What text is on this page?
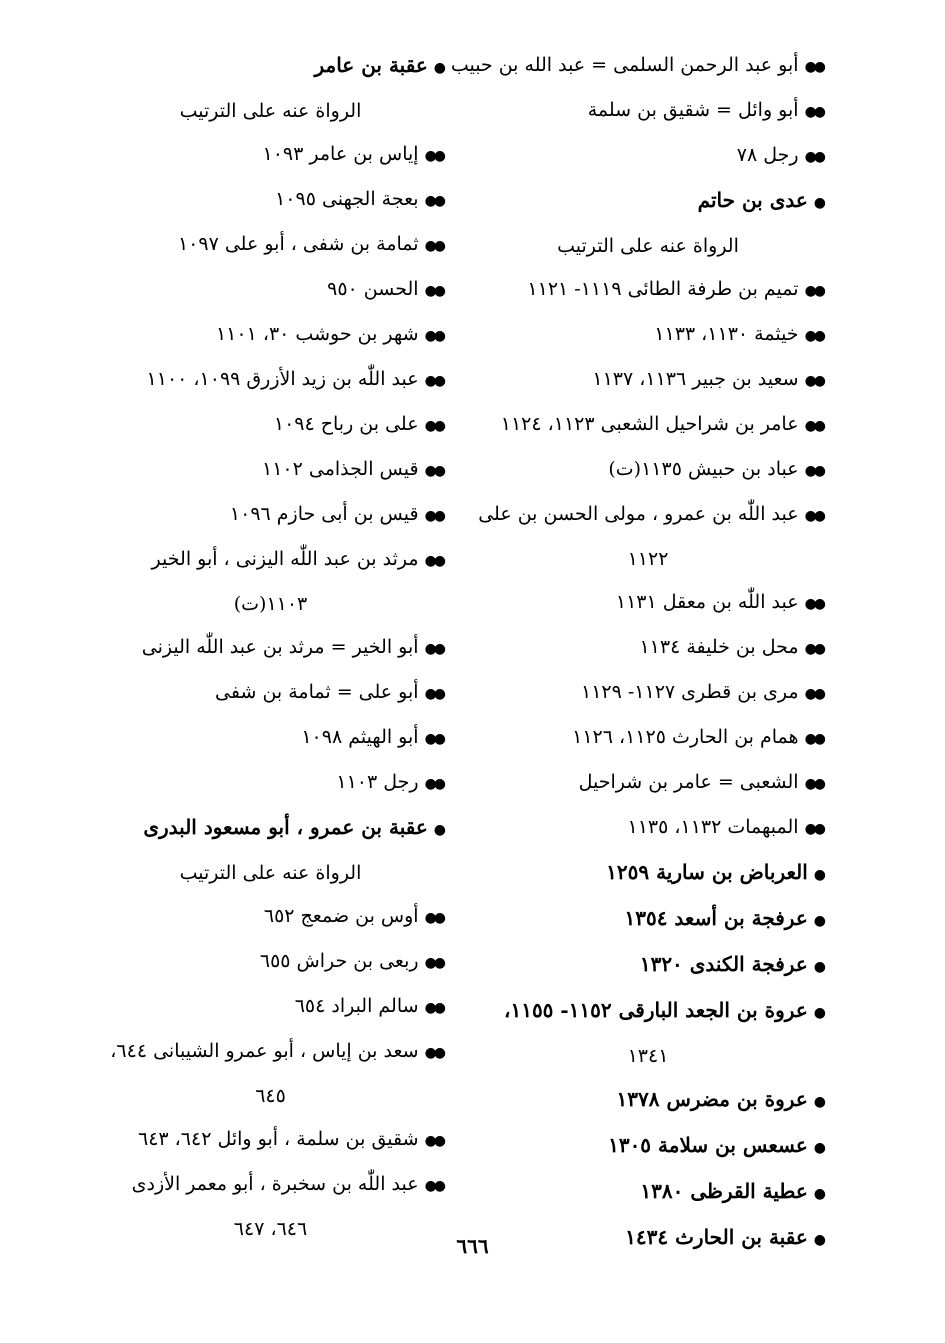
●●أبو عبد الرحمن السلمى = عبد الله بن حبيب
●●أبو وائل = شقيق بن سلمة
●●رجل ٧٨
●عدى بن حاتم
الرواة عنه على الترتيب
●●تميم بن طرفة الطائى ١١١٩- ١١٢١
●●خيثمة ١١٣٠، ١١٣٣
●●سعيد بن جبير ١١٣٦، ١١٣٧
●●عامر بن شراحيل الشعبى ١١٢٣، ١١٢٤
●●عباد بن حبيش ١١٣٥(ت)
●●عبد اللّٰه بن عمرو ، مولى الحسن بن على
١١٢٢
●●عبد اللّٰه بن معقل ١١٣١
●●محل بن خليفة ١١٣٤
●●مرى بن قطرى ١١٢٧- ١١٢٩
●●همام بن الحارث ١١٢٥، ١١٢٦
●●الشعبى = عامر بن شراحيل
●●المبهمات ١١٣٢، ١١٣٥
●العرباض بن سارية ١٢٥٩
●عرفجة بن أسعد ١٣٥٤
●عرفجة الكندى ١٣٢٠
●عروة بن الجعد البارقى ١١٥٢- ١١٥٥،
١٣٤١
●عروة بن مضرس ١٣٧٨
●عسعس بن سلامة ١٣٠٥
●عطية القرظى ١٣٨٠
●عقبة بن الحارث ١٤٣٤
●عقبة بن عامر
الرواة عنه على الترتيب
●●إياس بن عامر ١٠٩٣
●●بعجة الجهنى ١٠٩٥
●●ثمامة بن شفى ، أبو على ١٠٩٧
●●الحسن ٩٥٠
●●شهر بن حوشب ٣٠، ١١٠١
●●عبد اللّٰه بن زيد الأزرق ١٠٩٩، ١١٠٠
●●على بن رباح ١٠٩٤
●●قيس الجذامى ١١٠٢
●●قيس بن أبى حازم ١٠٩٦
●●مرثد بن عبد اللّٰه اليزنى ، أبو الخير
١١٠٣(ت)
●●أبو الخير = مرثد بن عبد اللّٰه اليزنى
●●أبو على = ثمامة بن شفى
●●أبو الهيثم ١٠٩٨
●●رجل ١١٠٣
●عقبة بن عمرو ، أبو مسعود البدرى
الرواة عنه على الترتيب
●●أوس بن ضمعج ٦٥٢
●●ربعى بن حراش ٦٥٥
●●سالم البراد ٦٥٤
●●سعد بن إياس ، أبو عمرو الشيبانى ٦٤٤،
٦٤٥
●●شقيق بن سلمة ، أبو وائل ٦٤٢، ٦٤٣
●●عبد اللّٰه بن سخبرة ، أبو معمر الأزدى
٦٤٦، ٦٤٧
٦٦٦
